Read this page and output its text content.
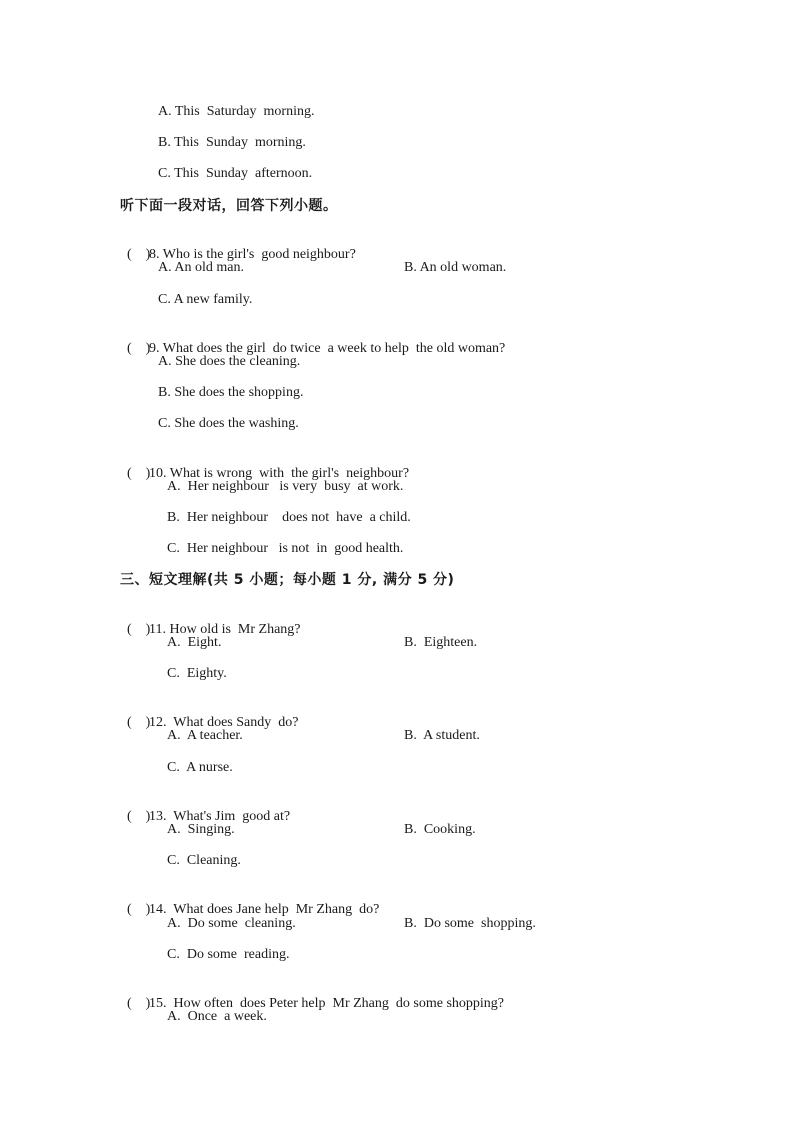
A. This  Saturday  morning.
B. This  Sunday  morning.
C. This  Sunday  afternoon.
听下面一段对话，回答下列小题。

(    )8. Who is the girl's  good neighbour?

A. An old man.	B. An old woman.
C. A new family.

(    )9. What does the girl  do twice  a week to help  the old woman?

A. She does the cleaning.
B. She does the shopping.
C. She does the washing.

(    )10. What is wrong  with  the girl's  neighbour?

A.  Her neighbour   is very  busy  at work.
B.  Her neighbour    does not  have  a child.
C.  Her neighbour   is not  in  good health.
三、短文理解(共 5 小题；每小题 1 分, 满分 5 分)

(    )11. How old is  Mr Zhang?

A.  Eight.	B.  Eighteen.
C.  Eighty.

(    )12.  What does Sandy  do?

A.  A teacher.	B.  A student.
C.  A nurse.

(    )13.  What's Jim  good at?

A.  Singing.	B.  Cooking.
C.  Cleaning.

(    )14.  What does Jane help  Mr Zhang  do?

A.  Do some  cleaning.	B.  Do some  shopping.
C.  Do some  reading.

(    )15.  How often  does Peter help  Mr Zhang  do some shopping?

A.  Once  a week.
